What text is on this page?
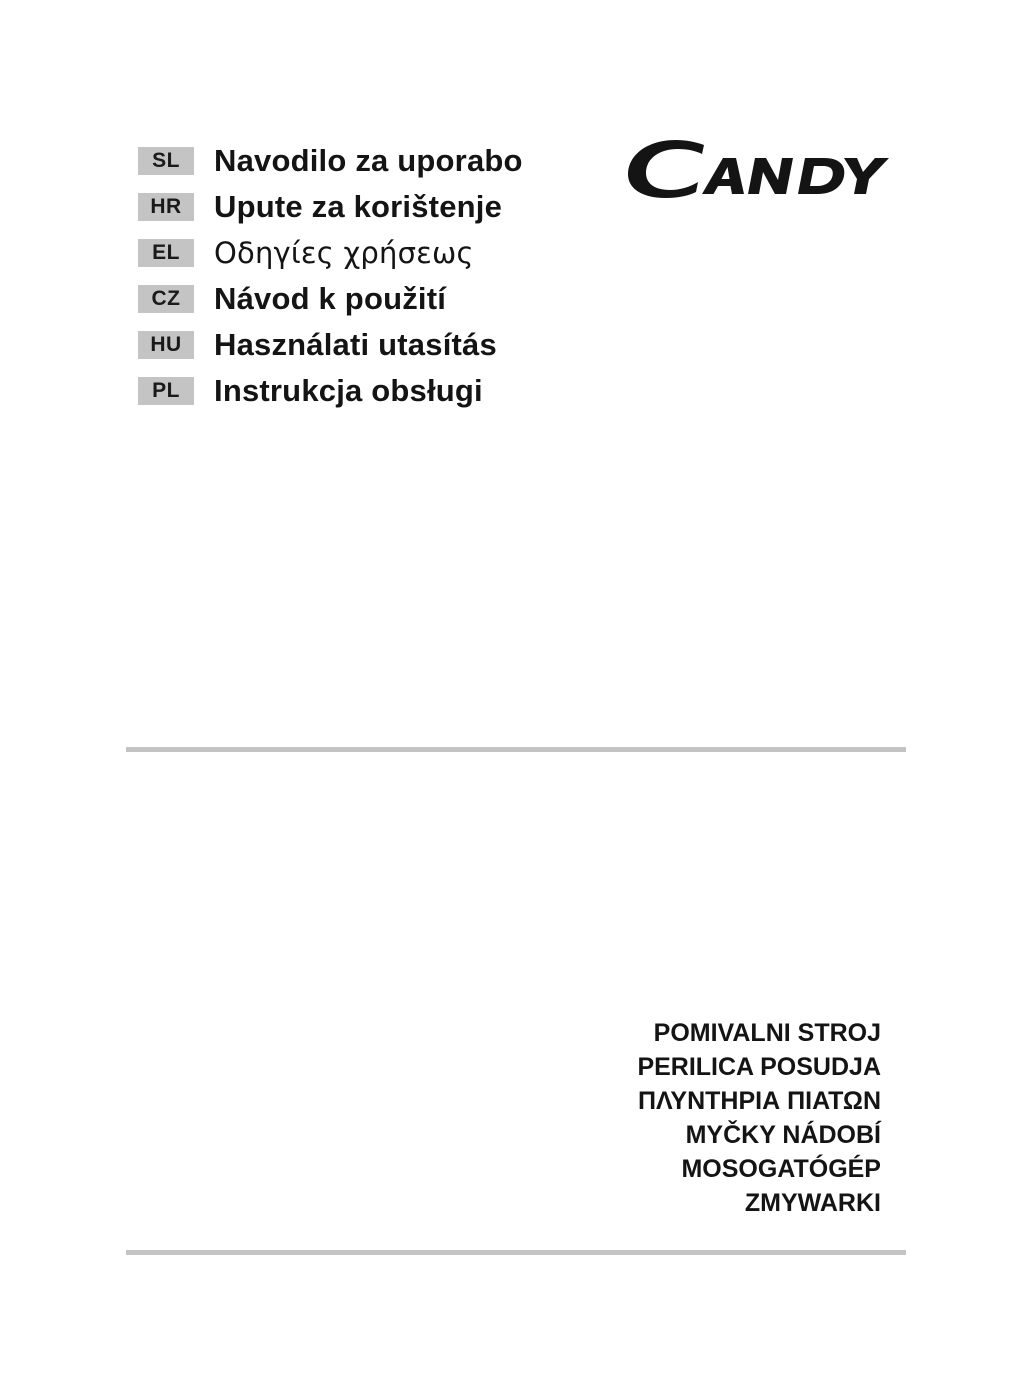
SL	Navodilo za uporabo
HR	Upute za korištenje
EL	Οδηγίες χρήσεως
CZ	Návod k použití
HU	Használati utasítás
PL	Instrukcja obsługi
POMIVALNI STROJ
PERILICA POSUDJA
ΠΛΥΝΤΗΡΙΑ ΠΙΑΤΩΝ
MYČKY NÁDOBÍ
MOSOGATÓGÉP
ZMYWARKI
